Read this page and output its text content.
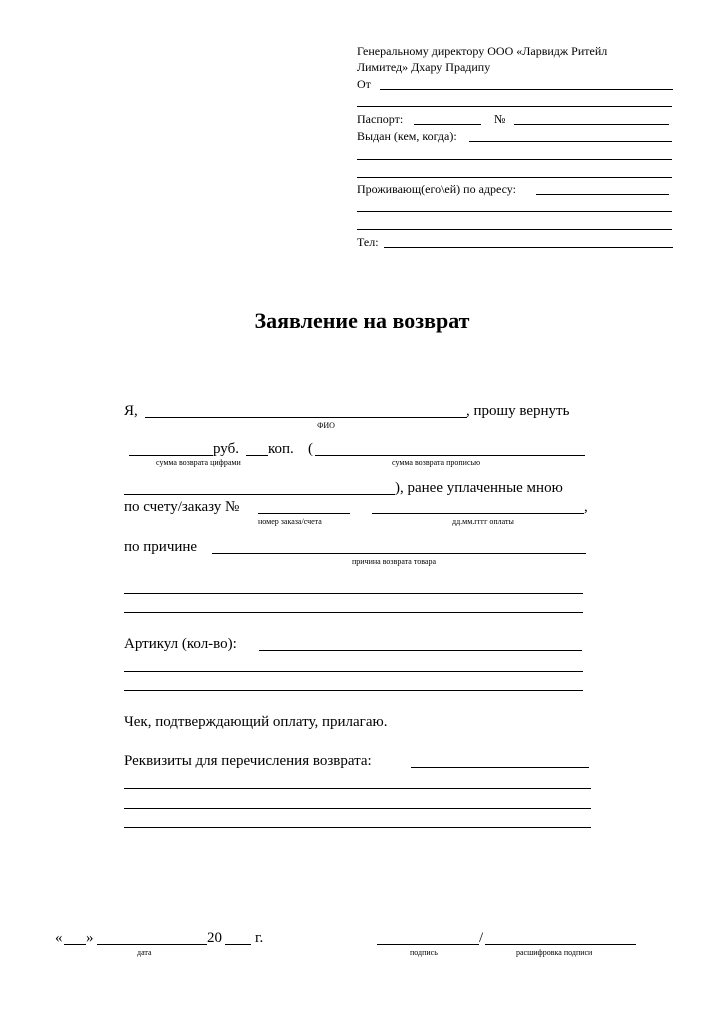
Генеральному директору ООО «Ларвидж Ритейл
Лимитед» Дхару Прадипу
От
Паспорт:	№
Выдан (кем, когда):
Проживающ(его\ей) по адресу:
Тел:
Заявление на возврат
Я,	, прошу вернуть
ФИО
руб. коп. (
сумма возврата цифрами	сумма возврата прописью
), ранее уплаченные мною
по счету/заказу №	,
номер заказа/счета	дд.мм.гггг оплаты
по причине
причина возврата товара
Артикул (кол-во):
Чек, подтверждающий оплату, прилагаю.
Реквизиты для перечисления возврата:
« »	20 г.
дата
/
подпись	расшифровка подписи
